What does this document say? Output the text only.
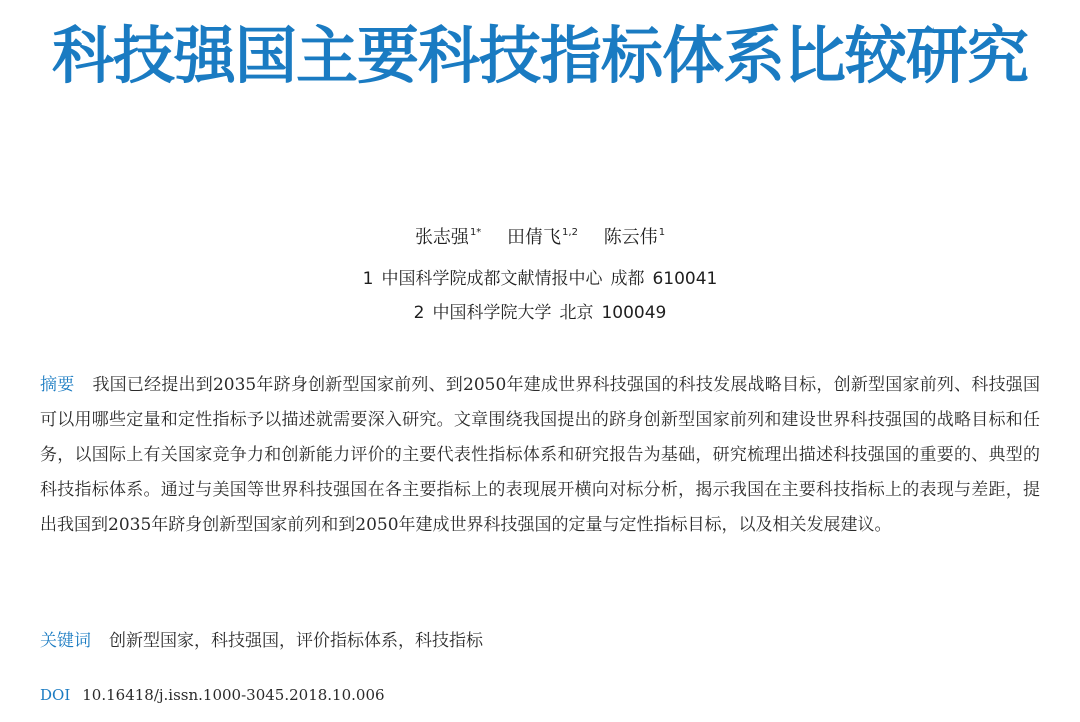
科技强国主要科技指标体系比较研究
张志强$^{1*}$ 田倩飞$^{1,2}$ 陈云伟$^1$
1 中国科学院成都文献情报中心 成都 610041
2 中国科学院大学 北京 100049
摘要 我国已经提出到2035年跻身创新型国家前列、到2050年建成世界科技强国的科技发展战略目标，创新型国家前列、科技强国可以用哪些定量和定性指标予以描述就需要深入研究。文章围绕我国提出的跻身创新型国家前列和建设世界科技强国的战略目标和任务，以国际上有关国家竞争力和创新能力评价的主要代表性指标体系和研究报告为基础，研究梳理出描述科技强国的重要的、典型的科技指标体系。通过与美国等世界科技强国在各主要指标上的表现展开横向对标分析，揭示我国在主要科技指标上的表现与差距，提出我国到2035年跻身创新型国家前列和到2050年建成世界科技强国的定量与定性指标目标，以及相关发展建议。
关键词 创新型国家，科技强国，评价指标体系，科技指标
DOI 10.16418/j.issn.1000-3045.2018.10.006
